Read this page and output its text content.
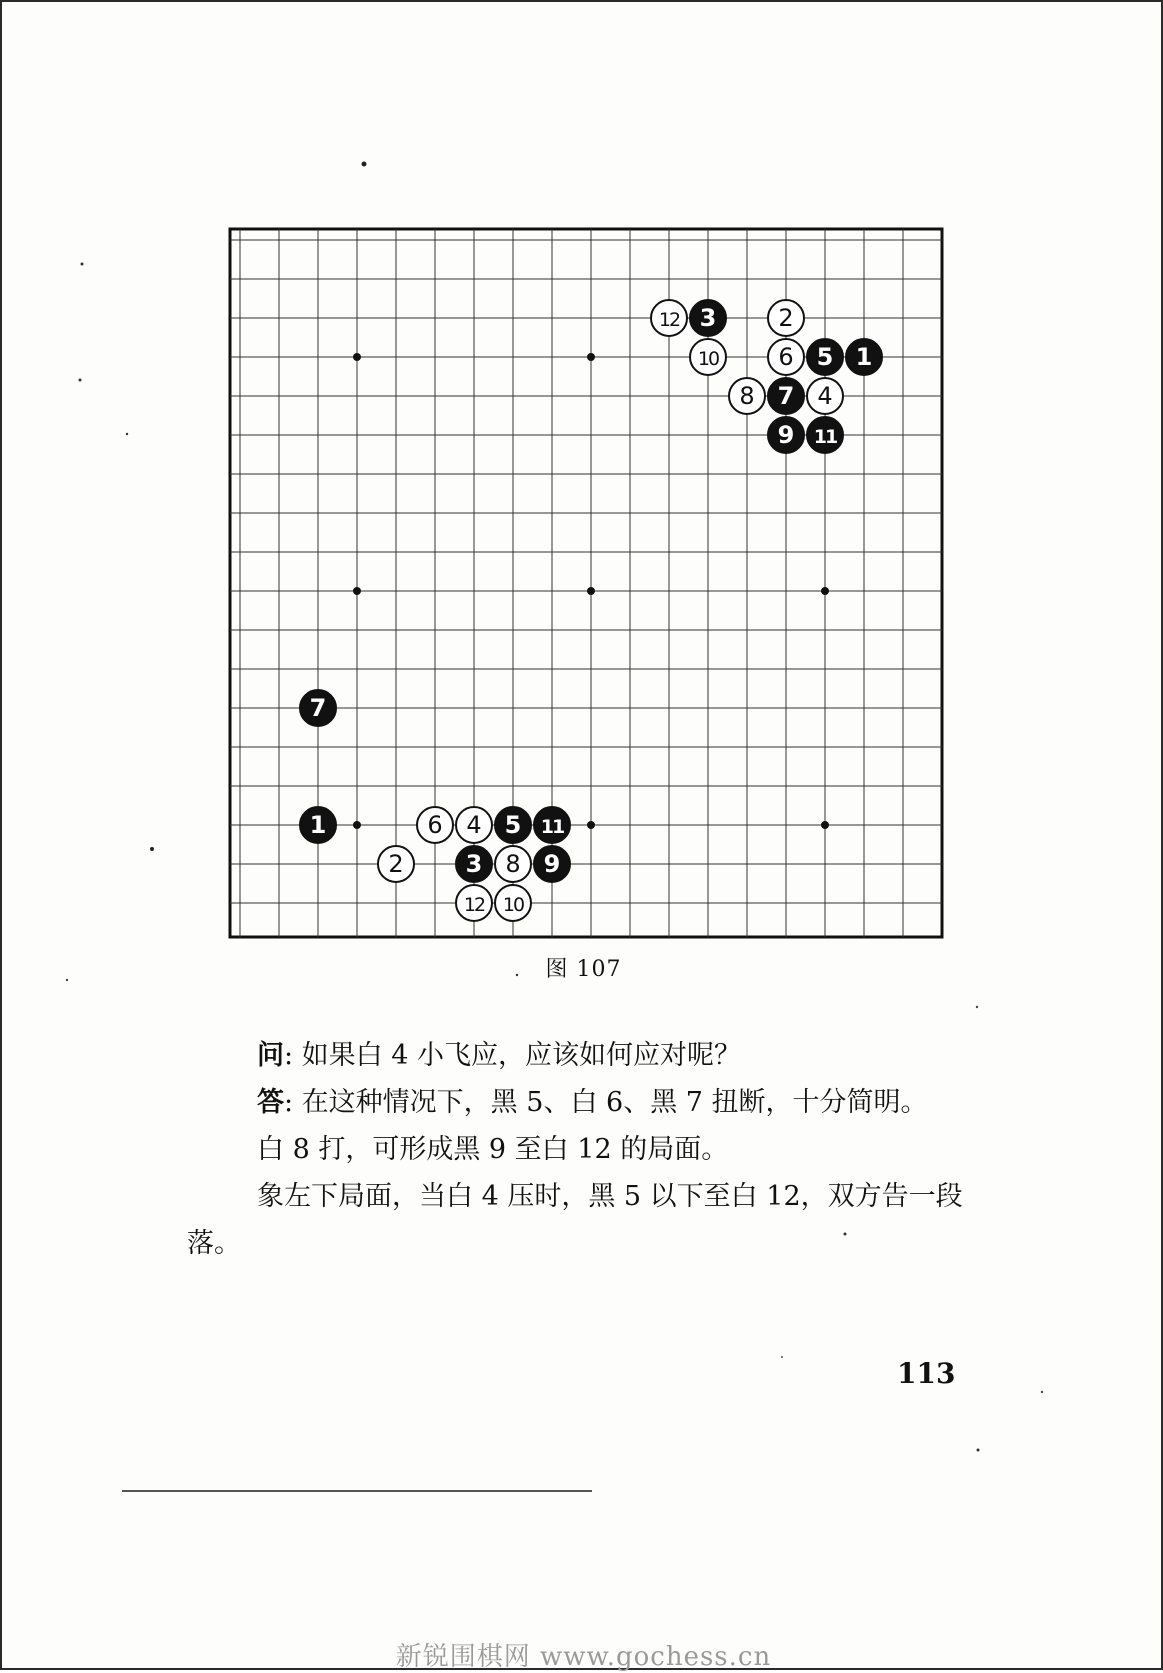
12 3	2
10	6 5 1
8 7 4
9 11
7
1	6 4 5 11
2	3 8 9
12 10
图 107

问: 如果白 4 小飞应，应该如何应对呢？

答: 在这种情况下，黑 5、白 6、黑 7 扭断，十分简明。

白 8 打，可形成黑 9 至白 12 的局面。

象左下局面，当白 4 压时，黑 5 以下至白 12，双方告一段

落。

113
新锐围棋网 www.gochess.cn
